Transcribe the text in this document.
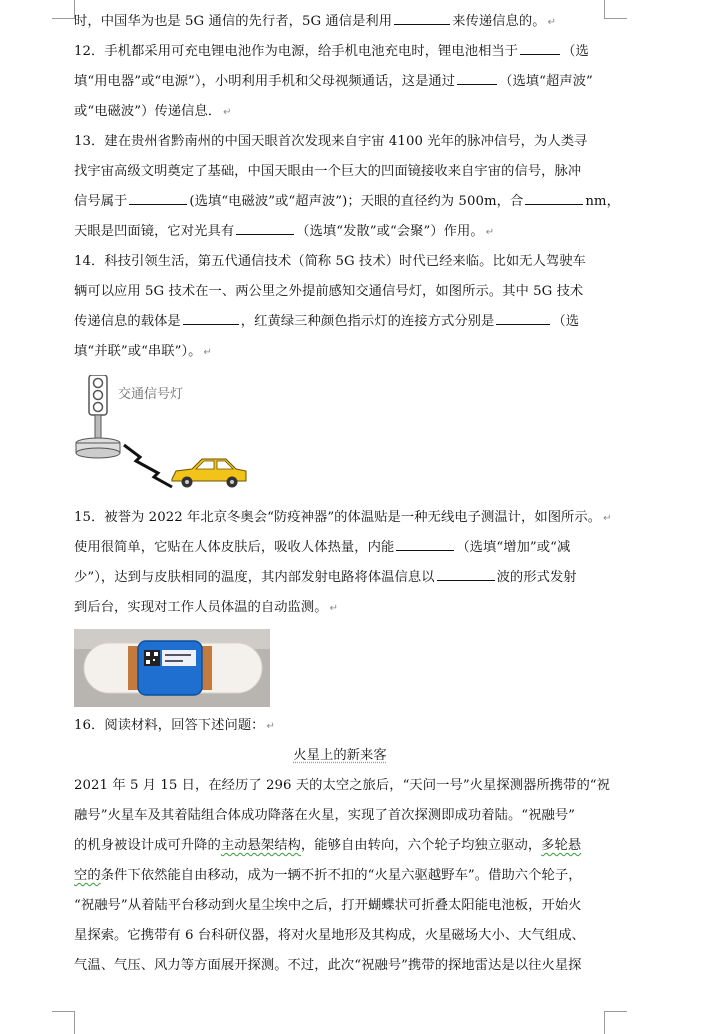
时，中国华为也是 5G 通信的先行者，5G 通信是利用	来传递信息的。 ↵
12．手机都采用可充电锂电池作为电源，给手机电池充电时，锂电池相当于	（选
填“用电器”或“电源”），小明利用手机和父母视频通话，这是通过	（选填“超声波”
或“电磁波”）传递信息． ↵
13．建在贵州省黔南州的中国天眼首次发现来自宇宙 4100 光年的脉冲信号，为人类寻
找宇宙高级文明奠定了基础，中国天眼由一个巨大的凹面镜接收来自宇宙的信号，脉冲
信号属于	(选填“电磁波”或“超声波”)；天眼的直径约为 500m，合	nm，
天眼是凹面镜，它对光具有	（选填“发散”或“会聚”）作用。 ↵
14．科技引领生活，第五代通信技术（简称 5G 技术）时代已经来临。比如无人驾驶车
辆可以应用 5G 技术在一、两公里之外提前感知交通信号灯，如图所示。其中 5G 技术
传递信息的载体是	，红黄绿三种颜色指示灯的连接方式分别是	（选
填“并联”或“串联”）。 ↵
交通信号灯
15．被誉为 2022 年北京冬奥会“防疫神器”的体温贴是一种无线电子测温计，如图所示。 ↵
使用很简单，它贴在人体皮肤后，吸收人体热量，内能	（选填“增加”或“减
少”），达到与皮肤相同的温度，其内部发射电路将体温信息以	波的形式发射
到后台，实现对工作人员体温的自动监测。 ↵
16．阅读材料，回答下述问题： ↵
火星上的新来客
2021 年 5 月 15 日，在经历了 296 天的太空之旅后，“天问一号”火星探测器所携带的“祝
融号”火星车及其着陆组合体成功降落在火星，实现了首次探测即成功着陆。“祝融号”
的机身被设计成可升降的主动悬架结构，能够自由转向，六个轮子均独立驱动，多轮悬
空的条件下依然能自由移动，成为一辆不折不扣的“火星六驱越野车”。借助六个轮子，
“祝融号”从着陆平台移动到火星尘埃中之后，打开蝴蝶状可折叠太阳能电池板，开始火
星探索。它携带有 6 台科研仪器，将对火星地形及其构成，火星磁场大小、大气组成、
气温、气压、风力等方面展开探测。不过，此次“祝融号”携带的探地雷达是以往火星探
